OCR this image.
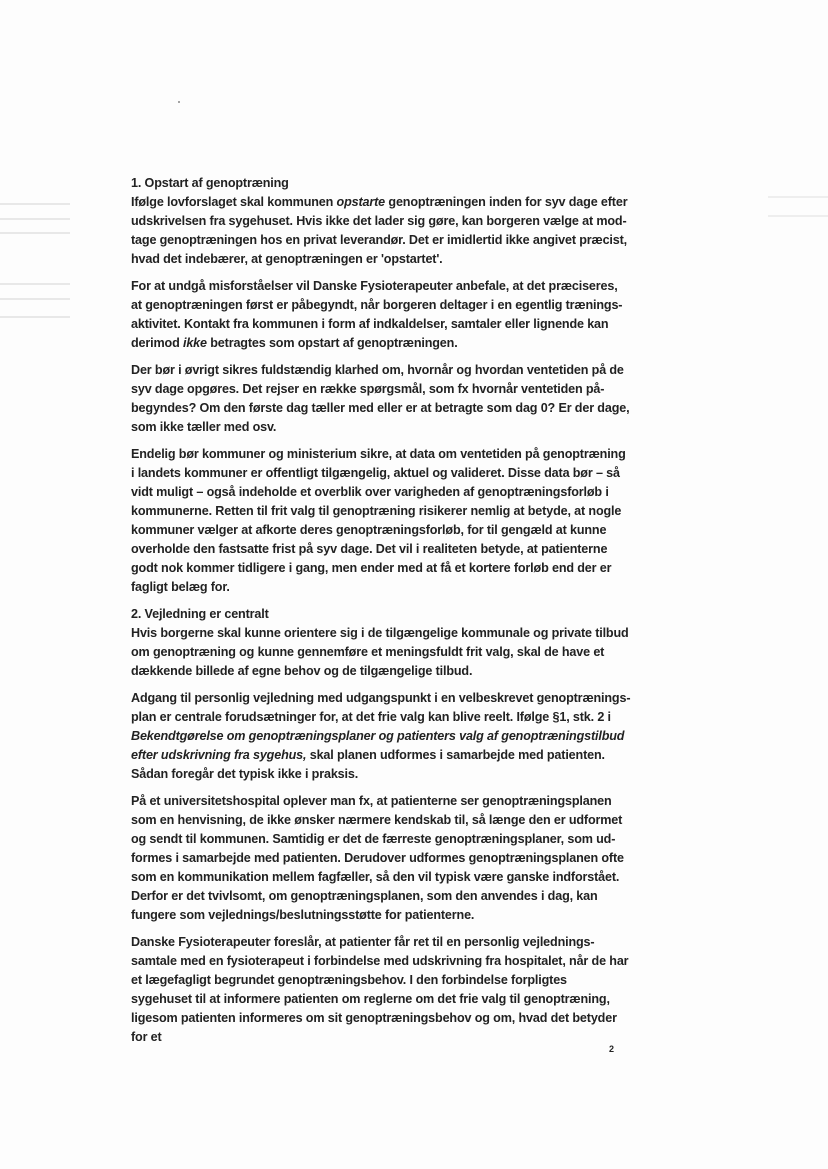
1. Opstart af genoptræning

Ifølge lovforslaget skal kommunen opstarte genoptræningen inden for syv dage efter udskrivelsen fra sygehuset. Hvis ikke det lader sig gøre, kan borgeren vælge at mod-tage genoptræningen hos en privat leverandør. Det er imidlertid ikke angivet præcist, hvad det indebærer, at genoptræningen er 'opstartet'.

For at undgå misforståelser vil Danske Fysioterapeuter anbefale, at det præciseres, at genoptræningen først er påbegyndt, når borgeren deltager i en egentlig trænings-aktivitet. Kontakt fra kommunen i form af indkaldelser, samtaler eller lignende kan derimod ikke betragtes som opstart af genoptræningen.

Der bør i øvrigt sikres fuldstændig klarhed om, hvornår og hvordan ventetiden på de syv dage opgøres. Det rejser en række spørgsmål, som fx hvornår ventetiden på-begyndes? Om den første dag tæller med eller er at betragte som dag 0? Er der dage, som ikke tæller med osv.

Endelig bør kommuner og ministerium sikre, at data om ventetiden på genoptræning i landets kommuner er offentligt tilgængelig, aktuel og valideret. Disse data bør – så vidt muligt – også indeholde et overblik over varigheden af genoptræningsforløb i kommunerne. Retten til frit valg til genoptræning risikerer nemlig at betyde, at nogle kommuner vælger at afkorte deres genoptræningsforløb, for til gengæld at kunne overholde den fastsatte frist på syv dage. Det vil i realiteten betyde, at patienterne godt nok kommer tidligere i gang, men ender med at få et kortere forløb end der er fagligt belæg for.

2. Vejledning er centralt

Hvis borgerne skal kunne orientere sig i de tilgængelige kommunale og private tilbud om genoptræning og kunne gennemføre et meningsfuldt frit valg, skal de have et dækkende billede af egne behov og de tilgængelige tilbud.

Adgang til personlig vejledning med udgangspunkt i en velbeskrevet genoptrænings-plan er centrale forudsætninger for, at det frie valg kan blive reelt. Ifølge §1, stk. 2 i Bekendtgørelse om genoptræningsplaner og patienters valg af genoptræningstilbud efter udskrivning fra sygehus, skal planen udformes i samarbejde med patienten. Sådan foregår det typisk ikke i praksis.

På et universitetshospital oplever man fx, at patienterne ser genoptræningsplanen som en henvisning, de ikke ønsker nærmere kendskab til, så længe den er udformet og sendt til kommunen. Samtidig er det de færreste genoptræningsplaner, som ud-formes i samarbejde med patienten. Derudover udformes genoptræningsplanen ofte som en kommunikation mellem fagfæller, så den vil typisk være ganske indforstået. Derfor er det tvivlsomt, om genoptræningsplanen, som den anvendes i dag, kan fungere som vejlednings/beslutningsstøtte for patienterne.

Danske Fysioterapeuter foreslår, at patienter får ret til en personlig vejlednings-samtale med en fysioterapeut i forbindelse med udskrivning fra hospitalet, når de har et lægefagligt begrundet genoptræningsbehov. I den forbindelse forpligtes sygehuset til at informere patienten om reglerne om det frie valg til genoptræning, ligesom patienten informeres om sit genoptræningsbehov og om, hvad det betyder for et

2
